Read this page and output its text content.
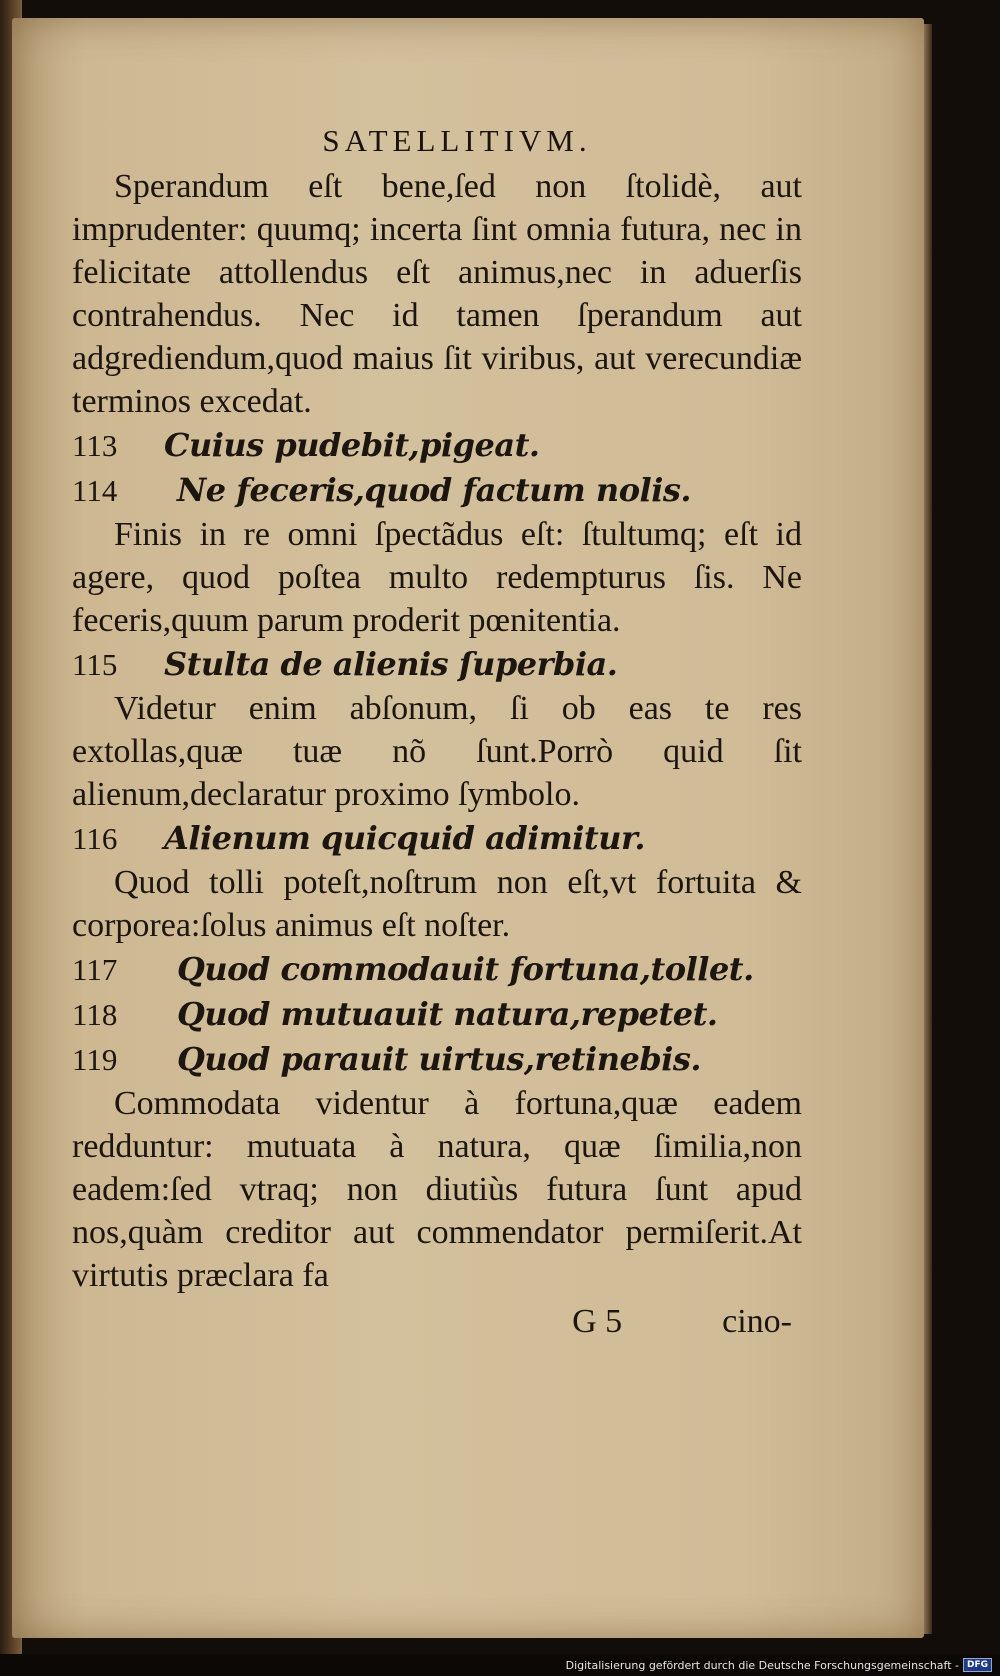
SATELLITIVM.

Sperandum eſt bene,ſed non ſtolidè, aut imprudenter: quumq; incerta ſint omnia futura, nec in felicitate attollendus eſt animus,nec in aduerſis contrahendus. Nec id tamen ſperandum aut adgrediendum,quod maius ſit viribus, aut verecundiæ terminos excedat.

113	Cuius pudebit,pigeat.
114	Ne feceris,quod factum nolis.

Finis in re omni ſpectãdus eſt: ſtultumq; eſt id agere, quod poſtea multo redempturus ſis. Ne feceris,quum parum proderit pœnitentia.

115	Stulta de alienis ſuperbia.

Videtur enim abſonum, ſi ob eas te res extollas,quæ tuæ nõ ſunt.Porrò quid ſit alienum,declaratur proximo ſymbolo.

116	Alienum quicquid adimitur.

Quod tolli poteſt,noſtrum non eſt,vt fortuita & corporea:ſolus animus eſt noſter.

117	Quod commodauit fortuna,tollet.
118	Quod mutuauit natura,repetet.
119	Quod parauit uirtus,retinebis.

Commodata videntur à fortuna,quæ eadem redduntur: mutuata à natura, quæ ſimilia,non eadem:ſed vtraq; non diutiùs futura ſunt apud nos,quàm creditor aut commendator permiſerit.At virtutis præclara fa

G 5	cino-
Digitalisierung gefördert durch die Deutsche Forschungsgemeinschaft - DFG
